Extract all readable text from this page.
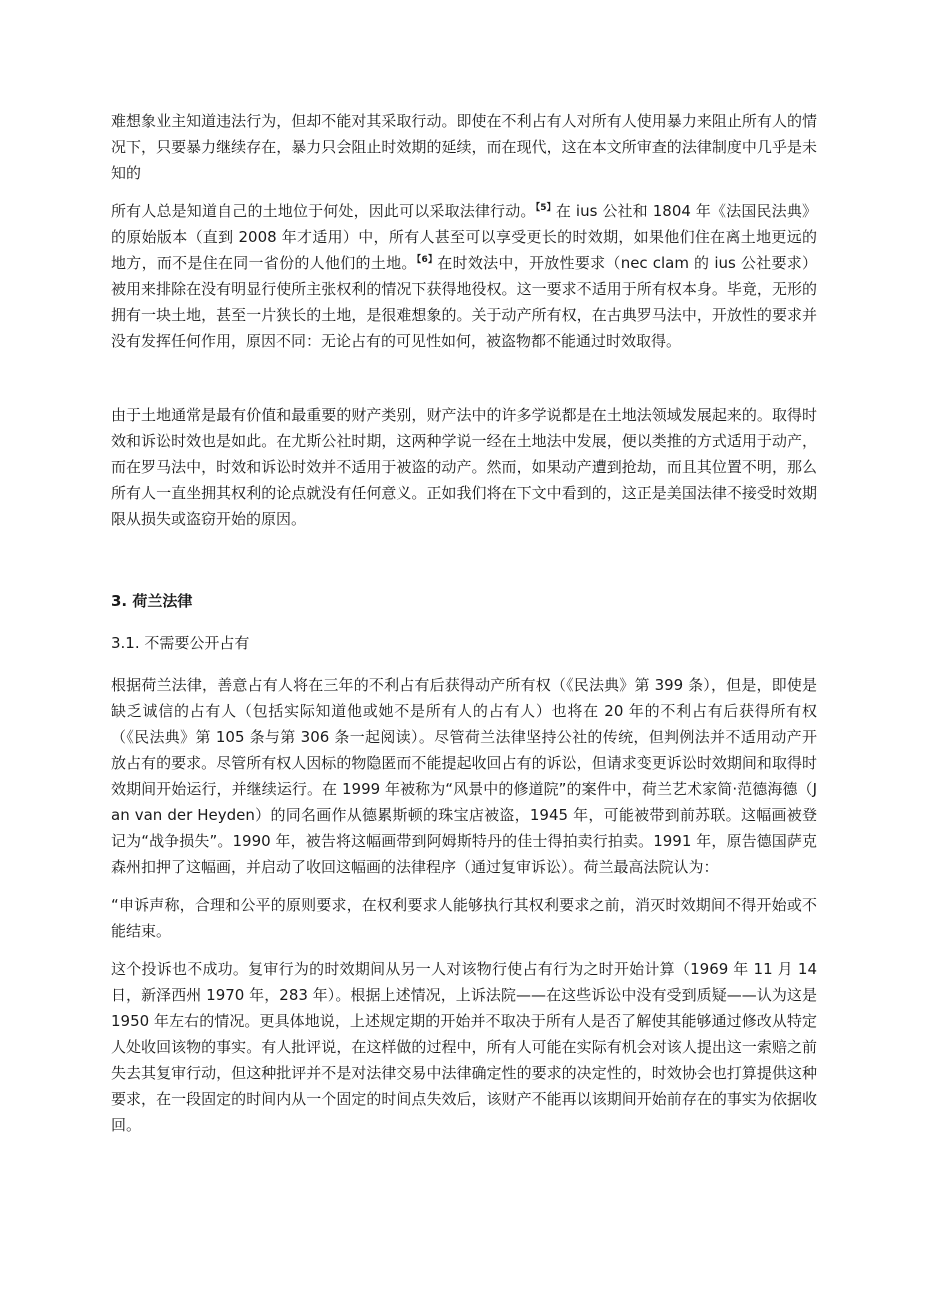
难想象业主知道违法行为，但却不能对其采取行动。即使在不利占有人对所有人使用暴力来阻止所有人的情况下，只要暴力继续存在，暴力只会阻止时效期的延续，而在现代，这在本文所审查的法律制度中几乎是未知的

所有人总是知道自己的土地位于何处，因此可以采取法律行动。$^{【5】}$在 ius 公社和 1804 年《法国民法典》的原始版本（直到 2008 年才适用）中，所有人甚至可以享受更长的时效期，如果他们住在离土地更远的地方，而不是住在同一省份的人他们的土地。$^{【6】}$在时效法中，开放性要求（nec clam 的 ius 公社要求）被用来排除在没有明显行使所主张权利的情况下获得地役权。这一要求不适用于所有权本身。毕竟，无形的拥有一块土地，甚至一片狭长的土地，是很难想象的。关于动产所有权，在古典罗马法中，开放性的要求并没有发挥任何作用，原因不同：无论占有的可见性如何，被盗物都不能通过时效取得。

由于土地通常是最有价值和最重要的财产类别，财产法中的许多学说都是在土地法领域发展起来的。取得时效和诉讼时效也是如此。在尤斯公社时期，这两种学说一经在土地法中发展，便以类推的方式适用于动产，而在罗马法中，时效和诉讼时效并不适用于被盗的动产。然而，如果动产遭到抢劫，而且其位置不明，那么所有人一直坐拥其权利的论点就没有任何意义。正如我们将在下文中看到的，这正是美国法律不接受时效期限从损失或盗窃开始的原因。

3. 荷兰法律
3.1. 不需要公开占有

根据荷兰法律，善意占有人将在三年的不利占有后获得动产所有权（《民法典》第 399 条），但是，即使是缺乏诚信的占有人（包括实际知道他或她不是所有人的占有人）也将在 20 年的不利占有后获得所有权（《民法典》第 105 条与第 306 条一起阅读）。尽管荷兰法律坚持公社的传统，但判例法并不适用动产开放占有的要求。尽管所有权人因标的物隐匿而不能提起收回占有的诉讼，但请求变更诉讼时效期间和取得时效期间开始运行，并继续运行。在 1999 年被称为“风景中的修道院”的案件中，荷兰艺术家简·范德海德（Jan van der Heyden）的同名画作从德累斯顿的珠宝店被盗，1945 年，可能被带到前苏联。这幅画被登记为“战争损失”。1990 年，被告将这幅画带到阿姆斯特丹的佳士得拍卖行拍卖。1991 年，原告德国萨克森州扣押了这幅画，并启动了收回这幅画的法律程序（通过复审诉讼）。荷兰最高法院认为：

“申诉声称，合理和公平的原则要求，在权利要求人能够执行其权利要求之前，消灭时效期间不得开始或不能结束。

这个投诉也不成功。复审行为的时效期间从另一人对该物行使占有行为之时开始计算（1969 年 11 月 14 日，新泽西州 1970 年，283 年）。根据上述情况，上诉法院——在这些诉讼中没有受到质疑——认为这是 1950 年左右的情况。更具体地说，上述规定期的开始并不取决于所有人是否了解使其能够通过修改从特定人处收回该物的事实。有人批评说，在这样做的过程中，所有人可能在实际有机会对该人提出这一索赔之前失去其复审行动，但这种批评并不是对法律交易中法律确定性的要求的决定性的，时效协会也打算提供这种要求，在一段固定的时间内从一个固定的时间点失效后，该财产不能再以该期间开始前存在的事实为依据收回。
